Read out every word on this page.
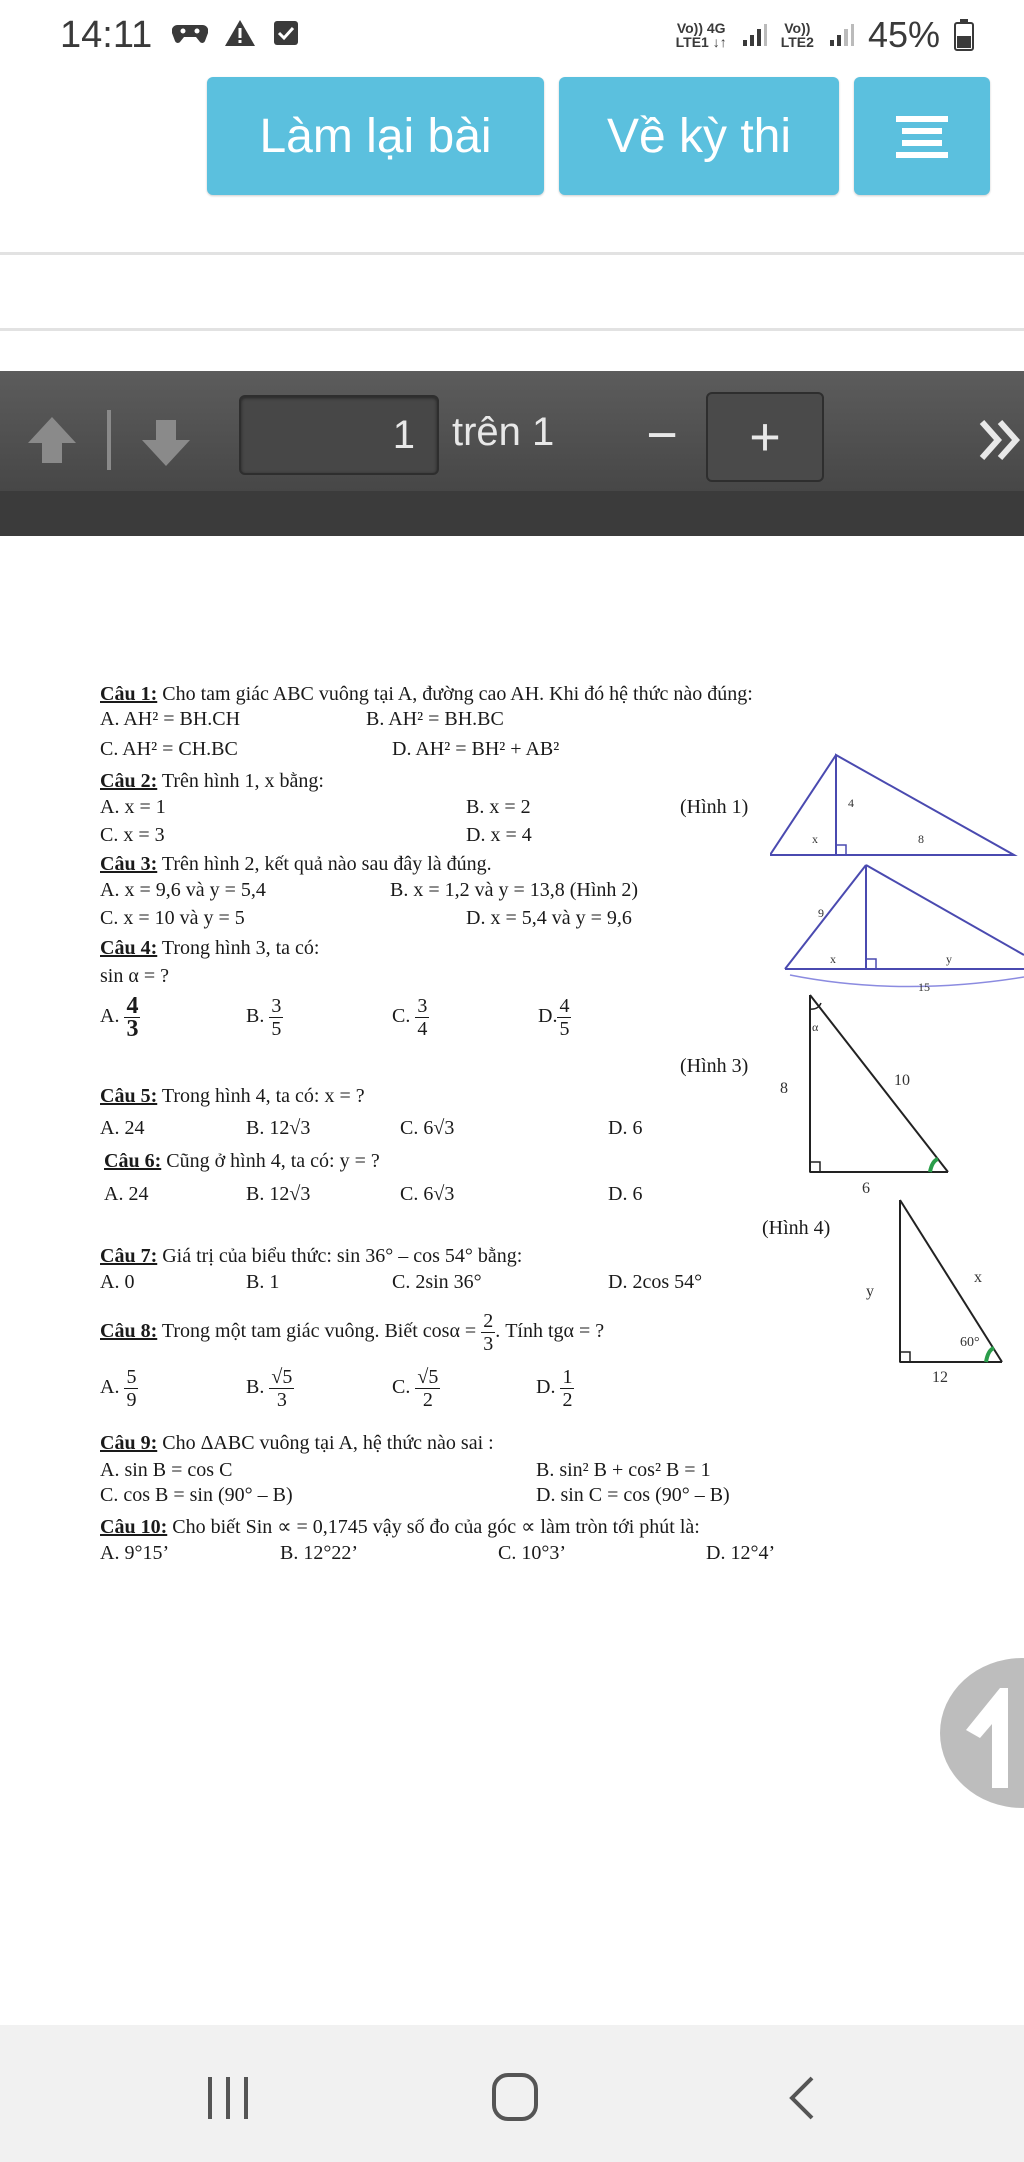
14:11	Vo)) 4G
LTE1 ↓↑
Vo))
LTE2 45%
Làm lại bài	Về kỳ thi
1 trên 1	−	+
Câu 1: Cho tam giác ABC vuông tại A, đường cao AH. Khi đó hệ thức nào đúng:
A. AH² = BH.CH	B. AH² = BH.BC
C. AH² = CH.BC	D. AH² = BH² + AB²
Câu 2: Trên hình 1, x bằng:
A. x = 1	B. x = 2	(Hình 1)
C. x = 3	D. x = 4
Câu 3: Trên hình 2, kết quả nào sau đây là đúng.
A. x = 9,6 và y = 5,4	B. x = 1,2 và y = 13,8 (Hình 2)
C. x = 10 và y = 5	D. x = 5,4 và y = 9,6
Câu 4: Trong hình 3, ta có:
sin α = ?
A. $\frac{4}{3}$	B. $\frac{3}{5}$	C. $\frac{3}{4}$	D. $\frac{4}{5}$
(Hình 3)
Câu 5: Trong hình 4, ta có: x = ?
A. 24	B. 12√3	C. 6√3	D. 6
Câu 6: Cũng ở hình 4, ta có: y = ?
A. 24	B. 12√3	C. 6√3	D. 6
(Hình 4)
Câu 7: Giá trị của biểu thức: sin 36° – cos 54° bằng:
A. 0	B. 1	C. 2sin 36°	D. 2cos 54°
Câu 8: Trong một tam giác vuông. Biết $\cos\alpha = \frac{2}{3}$ . Tính tgα = ?
A. $\frac{5}{9}$	B. $\frac{√5}{3}$	C. $\frac{√5}{2}$	D. $\frac{1}{2}$
Câu 9: Cho ΔABC vuông tại A, hệ thức nào sai :
A. sin B = cos C	B. sin² B + cos² B = 1
C. cos B = sin (90° – B)	D. sin C = cos (90° – B)
Câu 10: Cho biết Sin ∝ = 0,1745 vậy số đo của góc ∝ làm tròn tới phút là:
A. 9°15’	B. 12°22’	C. 10°3’	D. 12°4’
4
x	8
9
x	y
15
α
8	10
6
y
x
60°
12
